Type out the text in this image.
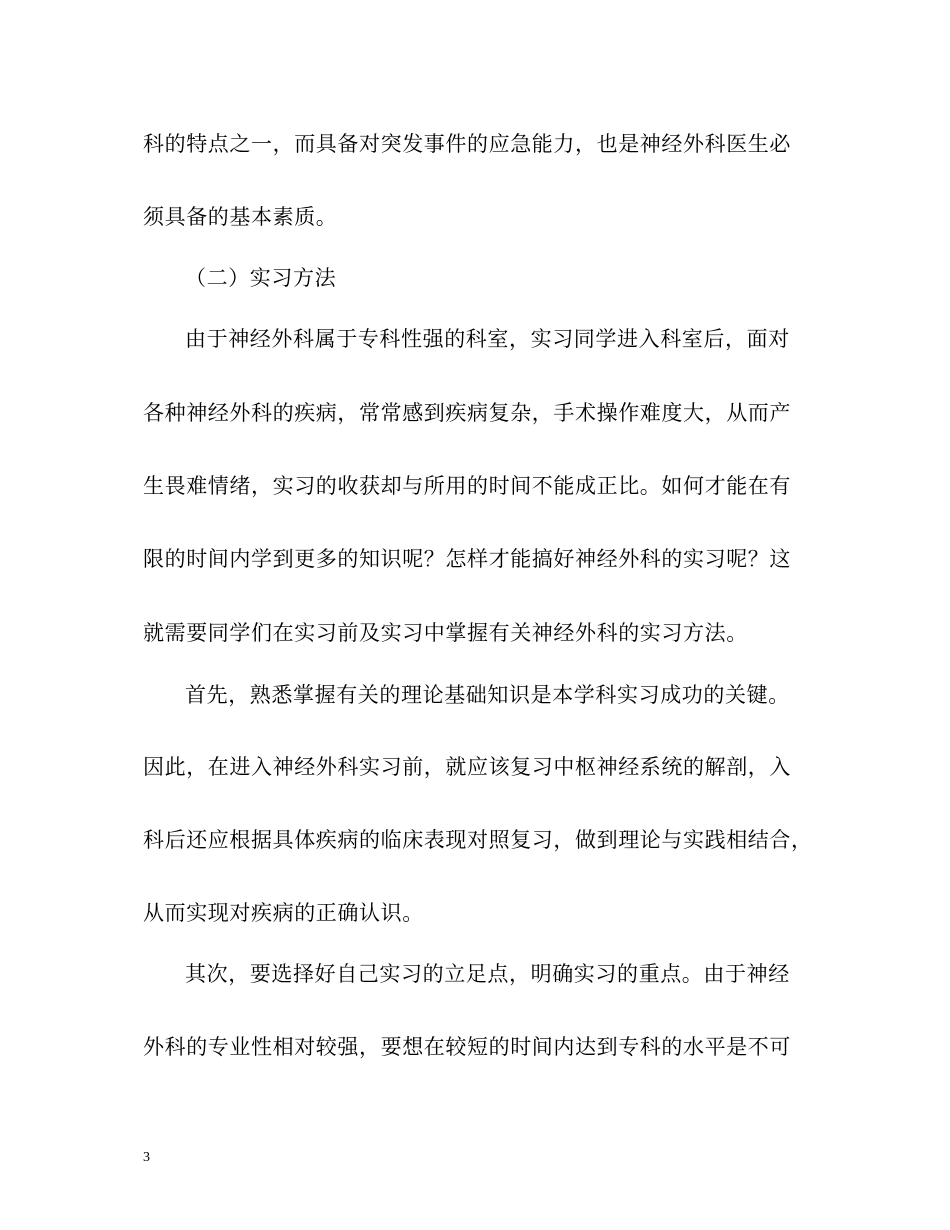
科的特点之一，而具备对突发事件的应急能力，也是神经外科医生必
须具备的基本素质。
（二）实习方法
由于神经外科属于专科性强的科室，实习同学进入科室后，面对
各种神经外科的疾病，常常感到疾病复杂，手术操作难度大，从而产
生畏难情绪，实习的收获却与所用的时间不能成正比。如何才能在有
限的时间内学到更多的知识呢？怎样才能搞好神经外科的实习呢？这
就需要同学们在实习前及实习中掌握有关神经外科的实习方法。
首先，熟悉掌握有关的理论基础知识是本学科实习成功的关键。
因此，在进入神经外科实习前，就应该复习中枢神经系统的解剖，入
科后还应根据具体疾病的临床表现对照复习，做到理论与实践相结合，
从而实现对疾病的正确认识。
其次，要选择好自己实习的立足点，明确实习的重点。由于神经
外科的专业性相对较强，要想在较短的时间内达到专科的水平是不可
3
